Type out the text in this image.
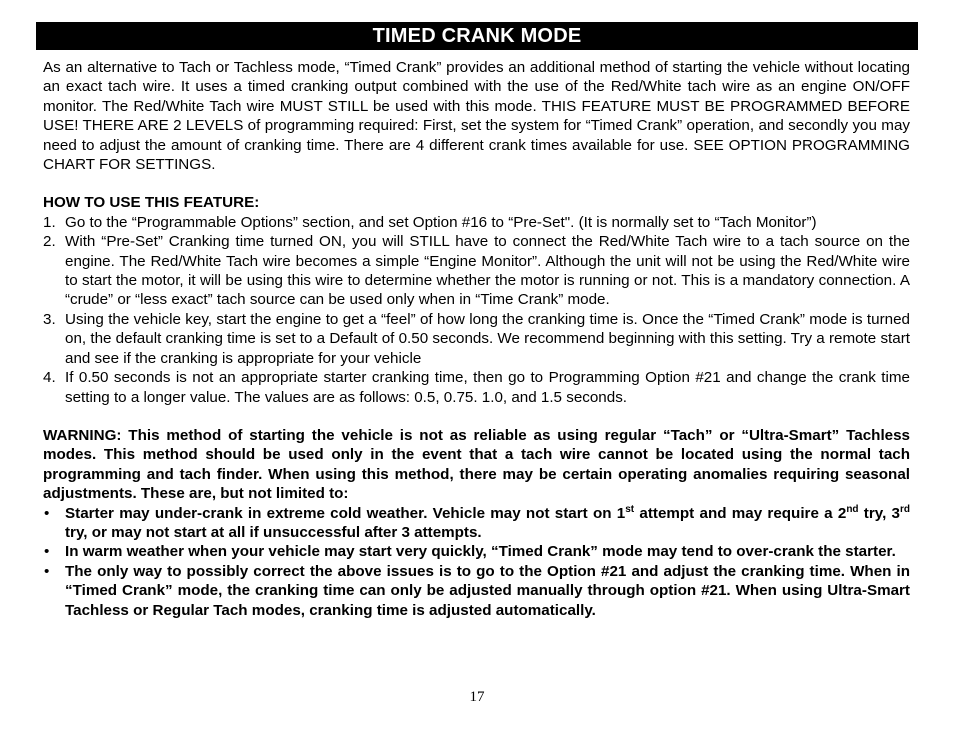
TIMED CRANK MODE

As an alternative to Tach or Tachless mode, “Timed Crank” provides an additional method of starting the vehicle without locating an exact tach wire. It uses a timed cranking output combined with the use of the Red/White tach wire as an engine ON/OFF monitor. The Red/White Tach wire MUST STILL be used with this mode. THIS FEATURE MUST BE PROGRAMMED BEFORE USE! THERE ARE 2 LEVELS of programming required: First, set the system for “Timed Crank” operation, and secondly you may need to adjust the amount of cranking time. There are 4 different crank times available for use. SEE OPTION PROGRAMMING CHART FOR SETTINGS.

HOW TO USE THIS FEATURE:

1. Go to the “Programmable Options” section, and set Option #16 to “Pre-Set". (It is normally set to “Tach Monitor”)
2. With “Pre-Set” Cranking time turned ON, you will STILL have to connect the Red/White Tach wire to a tach source on the engine. The Red/White Tach wire becomes a simple “Engine Monitor”. Although the unit will not be using the Red/White wire to start the motor, it will be using this wire to determine whether the motor is running or not. This is a mandatory connection. A “crude” or “less exact” tach source can be used only when in “Time Crank” mode.
3. Using the vehicle key, start the engine to get a “feel” of how long the cranking time is. Once the “Timed Crank” mode is turned on, the default cranking time is set to a Default of 0.50 seconds. We recommend beginning with this setting. Try a remote start and see if the cranking is appropriate for your vehicle
4. If 0.50 seconds is not an appropriate starter cranking time, then go to Programming Option #21 and change the crank time setting to a longer value. The values are as follows: 0.5, 0.75. 1.0, and 1.5 seconds.

WARNING: This method of starting the vehicle is not as reliable as using regular “Tach” or “Ultra-Smart” Tachless modes. This method should be used only in the event that a tach wire cannot be located using the normal tach programming and tach finder. When using this method, there may be certain operating anomalies requiring seasonal adjustments. These are, but not limited to:

• Starter may under-crank in extreme cold weather. Vehicle may not start on 1st attempt and may require a 2nd try, 3rd try, or may not start at all if unsuccessful after 3 attempts.
• In warm weather when your vehicle may start very quickly, “Timed Crank” mode may tend to over-crank the starter.
• The only way to possibly correct the above issues is to go to the Option #21 and adjust the cranking time. When in “Timed Crank” mode, the cranking time can only be adjusted manually through option #21. When using Ultra-Smart Tachless or Regular Tach modes, cranking time is adjusted automatically.
17
